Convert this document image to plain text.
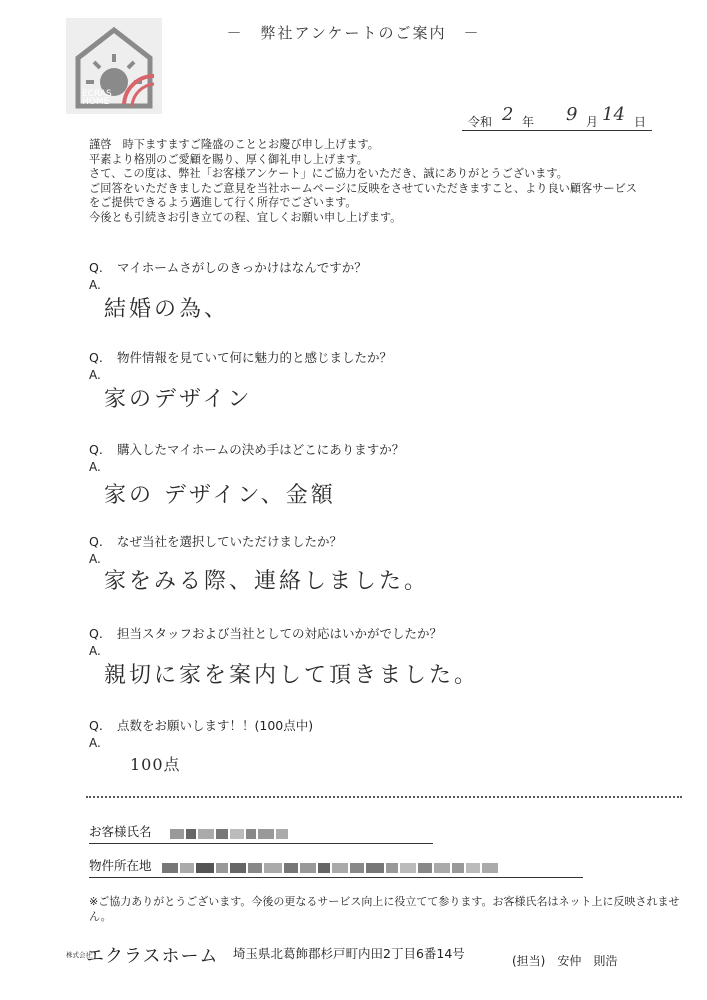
ECRAS
HOME
－　弊社アンケートのご案内　－
令和 2 年 9 月 14 日
謹啓　時下ますますご隆盛のこととお慶び申し上げます。
平素より格別のご愛顧を賜り、厚く御礼申し上げます。
さて、この度は、弊社「お客様アンケート」にご協力をいただき、誠にありがとうございます。
ご回答をいただきましたご意見を当社ホームページに反映をさせていただきますこと、より良い顧客サービス
をご提供できるよう邁進して行く所存でございます。
今後とも引続きお引き立ての程、宜しくお願い申し上げます。
Q. マイホームさがしのきっかけはなんですか？
A.
結婚の為、
Q. 物件情報を見ていて何に魅力的と感じましたか？
A.
家のデザイン
Q. 購入したマイホームの決め手はどこにありますか？
A.
家の デザイン、金額
Q. なぜ当社を選択していただけましたか？
A.
家をみる際、連絡しました。
Q. 担当スタッフおよび当社としての対応はいかがでしたか？
A.
親切に家を案内して頂きました。
Q. 点数をお願いします！！(100点中)
A.
100点
お客様氏名
物件所在地
※ご協力ありがとうございます。今後の更なるサービス向上に役立てて参ります。お客様氏名はネット上に反映されません。
株式会社エクラスホーム 埼玉県北葛飾郡杉戸町内田2丁目6番14号	(担当)　安仲　則浩
